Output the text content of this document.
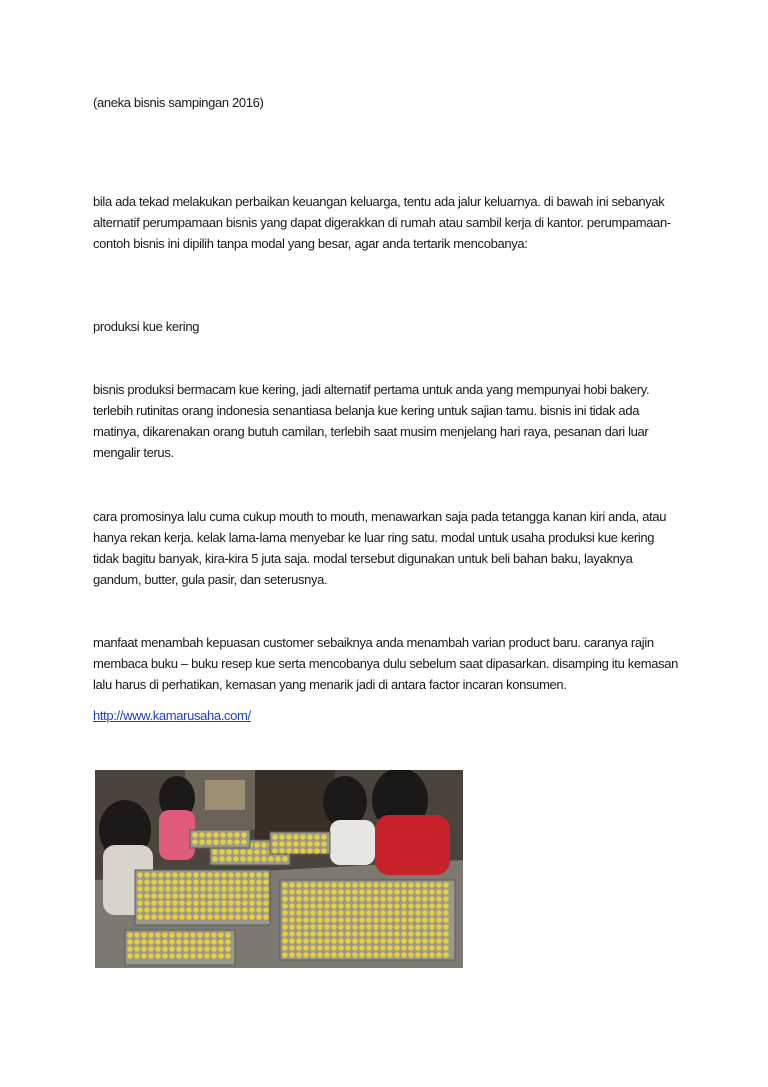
(aneka bisnis sampingan 2016)

bila ada tekad melakukan perbaikan keuangan keluarga, tentu ada jalur keluarnya. di bawah ini sebanyak alternatif perumpamaan bisnis yang dapat digerakkan di rumah atau sambil kerja di kantor. perumpamaan-contoh bisnis ini dipilih tanpa modal yang besar, agar anda tertarik mencobanya:

produksi kue kering

bisnis produksi bermacam kue kering, jadi alternatif pertama untuk anda yang mempunyai hobi bakery. terlebih rutinitas orang indonesia senantiasa belanja kue kering untuk sajian tamu. bisnis ini tidak ada matinya, dikarenakan orang butuh camilan, terlebih saat musim menjelang hari raya, pesanan dari luar mengalir terus.

cara promosinya lalu cuma cukup mouth to mouth, menawarkan saja pada tetangga kanan kiri anda, atau hanya rekan kerja. kelak lama-lama menyebar ke luar ring satu. modal untuk usaha produksi kue kering tidak bagitu banyak, kira-kira 5 juta saja. modal tersebut digunakan untuk beli bahan baku, layaknya gandum, butter, gula pasir, dan seterusnya.

manfaat menambah kepuasan customer sebaiknya anda menambah varian product baru. caranya rajin membaca buku – buku resep kue serta mencobanya dulu sebelum saat dipasarkan. disamping itu kemasan lalu harus di perhatikan, kemasan yang menarik jadi di antara factor incaran konsumen.

http://www.kamarusaha.com/
